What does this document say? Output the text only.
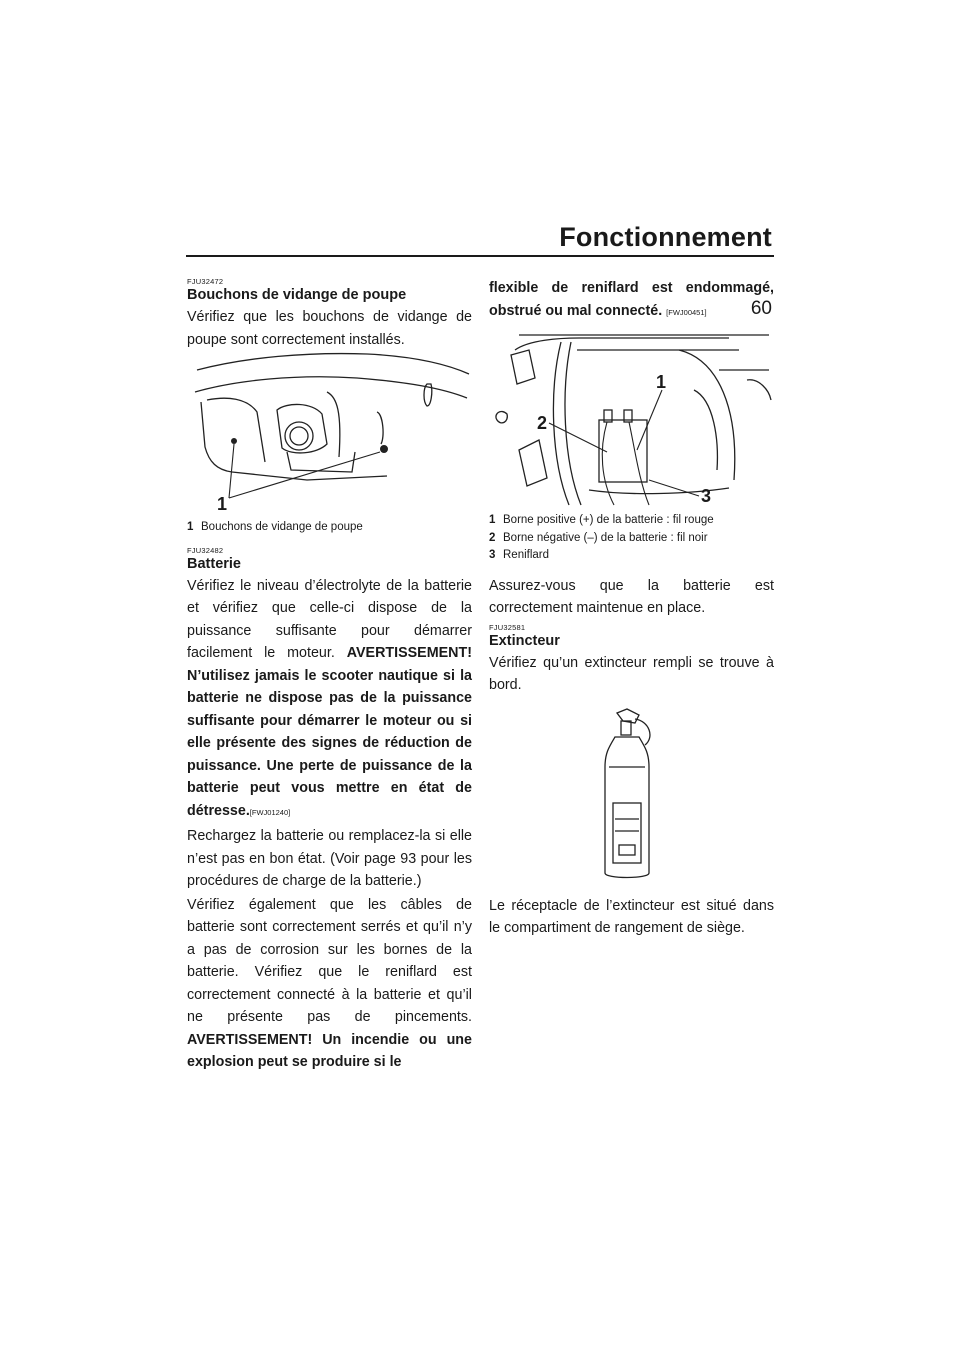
Fonctionnement
60
FJU32472
Bouchons de vidange de poupe

Vérifiez que les bouchons de vidange de poupe sont correctement installés.

1
1 Bouchons de vidange de poupe
FJU32482
Batterie

Vérifiez le niveau d’électrolyte de la batterie et vérifiez que celle-ci dispose de la puissance suffisante pour démarrer facilement le moteur. AVERTISSEMENT! N’utilisez jamais le scooter nautique si la batterie ne dispose pas de la puissance suffisante pour démarrer le moteur ou si elle présente des signes de réduction de puissance. Une perte de puissance de la batterie peut vous mettre en état de détresse.[FWJ01240]

Rechargez la batterie ou remplacez-la si elle n’est pas en bon état. (Voir page 93 pour les procédures de charge de la batterie.)

Vérifiez également que les câbles de batterie sont correctement serrés et qu’il n’y a pas de corrosion sur les bornes de la batterie. Vérifiez que le reniflard est correctement connecté à la batterie et qu’il ne présente pas de pincements. AVERTISSEMENT! Un incendie ou une explosion peut se produire si le

flexible de reniflard est endommagé, obstrué ou mal connecté. [FWJ00451]

1
2
3
1 Borne positive (+) de la batterie : fil rouge
2 Borne négative (–) de la batterie : fil noir
3 Reniflard

Assurez-vous que la batterie est correctement maintenue en place.

FJU32581
Extincteur

Vérifiez qu’un extincteur rempli se trouve à bord.

Le réceptacle de l’extincteur est situé dans le compartiment de rangement de siège.
